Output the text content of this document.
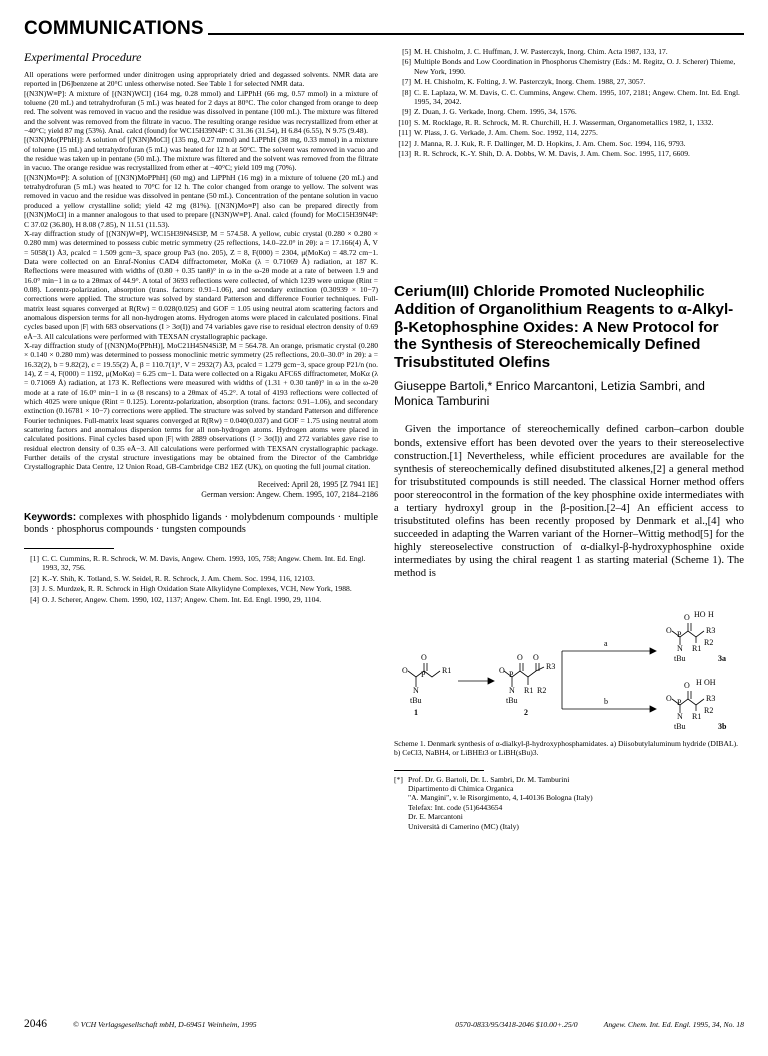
COMMUNICATIONS
Experimental Procedure

All operations were performed under dinitrogen using appropriately dried and degassed solvents. NMR data are reported in [D6]benzene at 20°C unless otherwise noted. See Table 1 for selected NMR data.

[(N3N)W≡P]: A mixture of [(N3N)WCl] (164 mg, 0.28 mmol) and LiPPhH (66 mg, 0.57 mmol) in a mixture of toluene (20 mL) and tetrahydrofuran (5 mL) was heated for 2 days at 80°C. The color changed from orange to deep red. The solvent was removed in vacuo and the residue was dissolved in pentane (100 mL). The mixture was filtered and the solvent was removed from the filtrate in vacuo. The resulting orange residue was recrystallized from ether at −40°C; yield 87 mg (53%). Anal. calcd (found) for WC15H39N4P: C 31.36 (31.54), H 6.84 (6.55), N 9.75 (9.48).

[(N3N)Mo(PPhH)]: A solution of [(N3N)MoCl] (135 mg, 0.27 mmol) and LiPPhH (38 mg, 0.33 mmol) in a mixture of toluene (15 mL) and tetrahydrofuran (5 mL) was heated for 12 h at 50°C. The solvent was removed in vacuo and the residue was taken up in pentane (50 mL). The mixture was filtered and the solvent was removed from the filtrate in vacuo. The orange residue was recrystallized from ether at −40°C; yield 109 mg (70%).

[(N3N)Mo≡P]: A solution of [(N3N)MoPPhH] (60 mg) and LiPPhH (16 mg) in a mixture of toluene (20 mL) and tetrahydrofuran (5 mL) was heated to 70°C for 12 h. The color changed from orange to yellow. The solvent was removed in vacuo and the residue was dissolved in pentane (50 mL). Concentration of the pentane solution in vacuo produced a yellow crystalline solid; yield 42 mg (81%). [(N3N)Mo≡P] also can be prepared directly from [(N3N)MoCl] in a manner analogous to that used to prepare [(N3N)W≡P]. Anal. calcd (found) for MoC15H39N4P: C 37.02 (36.80), H 8.08 (7.85), N 11.51 (11.53).

X-ray diffraction study of [(N3N)W≡P], WC15H39N4Si3P, M = 574.58. A yellow, cubic crystal (0.280 × 0.280 × 0.280 mm) was determined to possess cubic metric symmetry (25 reflections, 14.0–22.0° in 2θ): a = 17.166(4) Å, V = 5058(1) Å3, ρcalcd = 1.509 gcm−3, space group Pa3 (no. 205), Z = 8, F(000) = 2304, μ(MoKα) = 48.72 cm−1. Data were collected on an Enraf-Nonius CAD4 diffractometer, MoKα (λ = 0.71069 Å) radiation, at 187 K. Reflections were measured with widths of (0.80 + 0.35 tanθ)° in ω in the ω-2θ mode at a rate of between 1.9 and 16.0° min−1 in ω to a 2θmax of 44.9°. A total of 3693 reflections were collected, of which 1239 were unique (Rint = 0.08). Lorentz-polarization, absorption (trans. factors: 0.91–1.06), and secondary extinction (0.30939 × 10−7) corrections were applied. The structure was solved by standard Patterson and difference Fourier techniques. Full-matrix least squares converged at R(Rw) = 0.028(0.025) and GOF = 1.05 using neutral atom scattering factors and anomalous dispersion terms for all non-hydrogen atoms. Hydrogen atoms were placed in calculated positions. Final cycles based upon |F| with 683 observations (I > 3σ(I)) and 74 variables gave rise to residual electron density of 0.69 eÅ−3. All calculations were performed with TEXSAN crystallographic package.

X-ray diffraction study of [(N3N)Mo(PPhH)], MoC21H45N4Si3P, M = 564.78. An orange, prismatic crystal (0.280 × 0.140 × 0.280 mm) was determined to possess monoclinic metric symmetry (25 reflections, 20.0–30.0° in 2θ): a = 16.32(2), b = 9.82(2), c = 19.55(2) Å, β = 110.7(1)°, V = 2932(7) Å3, ρcalcd = 1.279 gcm−3, space group P21/n (no. 14), Z = 4, F(000) = 1192, μ(MoKα) = 6.25 cm−1. Data were collected on a Rigaku AFC6S diffractometer, MoKα (λ = 0.71069 Å) radiation, at 173 K. Reflections were measured with widths of (1.31 + 0.30 tanθ)° in ω in the ω-2θ mode at a rate of 16.0° min−1 in ω (8 rescans) to a 2θmax of 45.2°. A total of 4193 reflections were collected of which 4025 were unique (Rint = 0.125). Lorentz-polarization, absorption (trans. factors: 0.91–1.06), and secondary extinction (0.16781 × 10−7) corrections were applied. The structure was solved by standard Patterson and difference Fourier techniques. Full-matrix least squares converged at R(Rw) = 0.040(0.037) and GOF = 1.75 using neutral atom scattering factors and anomalous dispersion terms for all non-hydrogen atoms. Hydrogen atoms were placed in calculated positions. Final cycles based upon |F| with 2889 observations (I > 3σ(I)) and 272 variables gave rise to residual electron density of 0.35 eÅ−3. All calculations were performed with TEXSAN crystallographic package. Further details of the crystal structure investigations may be obtained from the Director of the Cambridge Crystallographic Data Centre, 12 Union Road, GB-Cambridge CB2 1EZ (UK), on quoting the full journal citation.

Received: April 28, 1995 [Z 7941 IE]
German version: Angew. Chem. 1995, 107, 2184–2186
Keywords: complexes with phosphido ligands · molybdenum compounds · multiple bonds · phosphorus compounds · tungsten compounds
[1] C. C. Cummins, R. R. Schrock, W. M. Davis, Angew. Chem. 1993, 105, 758; Angew. Chem. Int. Ed. Engl. 1993, 32, 756.
[2] K.-Y. Shih, K. Totland, S. W. Seidel, R. R. Schrock, J. Am. Chem. Soc. 1994, 116, 12103.
[3] J. S. Murdzek, R. R. Schrock in High Oxidation State Alkylidyne Complexes, VCH, New York, 1988.
[4] O. J. Scherer, Angew. Chem. 1990, 102, 1137; Angew. Chem. Int. Ed. Engl. 1990, 29, 1104.
[5] M. H. Chisholm, J. C. Huffman, J. W. Pasterczyk, Inorg. Chim. Acta 1987, 133, 17.
[6] Multiple Bonds and Low Coordination in Phosphorus Chemistry (Eds.: M. Regitz, O. J. Scherer) Thieme, New York, 1990.
[7] M. H. Chisholm, K. Folting, J. W. Pasterczyk, Inorg. Chem. 1988, 27, 3057.
[8] C. E. Laplaza, W. M. Davis, C. C. Cummins, Angew. Chem. 1995, 107, 2181; Angew. Chem. Int. Ed. Engl. 1995, 34, 2042.
[9] Z. Duan, J. G. Verkade, Inorg. Chem. 1995, 34, 1576.
[10] S. M. Rocklage, R. R. Schrock, M. R. Churchill, H. J. Wasserman, Organometallics 1982, 1, 1332.
[11] W. Plass, J. G. Verkade, J. Am. Chem. Soc. 1992, 114, 2275.
[12] J. Manna, R. J. Kuk, R. F. Dallinger, M. D. Hopkins, J. Am. Chem. Soc. 1994, 116, 9793.
[13] R. R. Schrock, K.-Y. Shih, D. A. Dobbs, W. M. Davis, J. Am. Chem. Soc. 1995, 117, 6609.
Cerium(III) Chloride Promoted Nucleophilic Addition of Organolithium Reagents to α-Alkyl-β-Ketophosphine Oxides: A New Protocol for the Synthesis of Stereochemically Defined Trisubstituted Olefins
Giuseppe Bartoli,* Enrico Marcantoni, Letizia Sambri, and Monica Tamburini

Given the importance of stereochemically defined carbon–carbon double bonds, extensive effort has been devoted over the years to their stereoselective construction.[1] Nevertheless, while efficient procedures are available for the synthesis of stereochemically defined disubstituted alkenes,[2] a general method for trisubstituted compounds is still needed. The classical Horner method offers poor stereocontrol in the formation of the key phosphine oxide intermediates with a tertiary hydroxyl group in the β-position.[2–4] An efficient access to trisubstituted olefins has been recently proposed by Denmark et al.,[4] who succeeded in adapting the Warren variant of the Horner–Wittig method[5] for the highly stereoselective construction of α-dialkyl-β-hydroxyphosphine oxide intermediates by using the chiral reagent 1 as starting material (Scheme 1). The method is

O
P R1
O
N
tBu
1
O O
P
R3
R1 R2
O
N
tBu
2
a
b
O HO H
P	R3
R1
R2
O
N
tBu	3a
O H OH
P	R3
R1
R2
O
N
tBu	3b

Scheme 1. Denmark synthesis of α-dialkyl-β-hydroxyphosphamidates. a) Diisobutylaluminum hydride (DIBAL). b) CeCl3, NaBH4, or LiBHEt3 or LiBH(sBu)3.

[*] Prof. Dr. G. Bartoli, Dr. L. Sambri, Dr. M. Tamburini
Dipartimento di Chimica Organica
"A. Mangini", v. le Risorgimento, 4, I-40136 Bologna (Italy)
Telefax: Int. code (51)6443654
Dr. E. Marcantoni
Università di Camerino (MC) (Italy)
2046	© VCH Verlagsgesellschaft mbH, D-69451 Weinheim, 1995	0570-0833/95/3418-2046 $10.00+.25/0	Angew. Chem. Int. Ed. Engl. 1995, 34, No. 18
